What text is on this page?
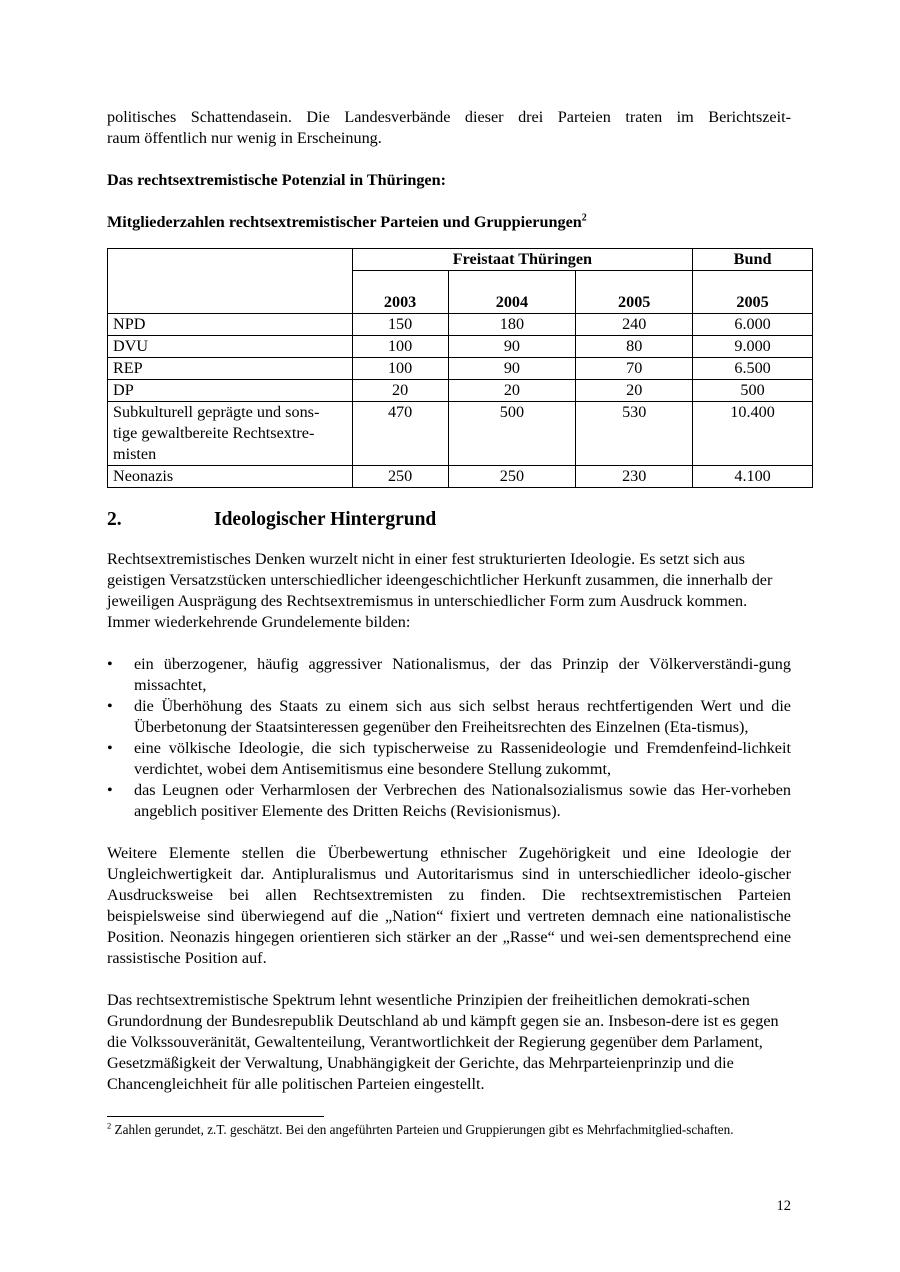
politisches Schattendasein. Die Landesverbände dieser drei Parteien traten im Berichtszeit-
raum öffentlich nur wenig in Erscheinung.

Das rechtsextremistische Potenzial in Thüringen:

Mitgliederzahlen rechtsextremistischer Parteien und Gruppierungen$^2$

	Freistaat Thüringen			Bund
	2003	2004	2005	2005
NPD	150	180	240	6.000
DVU	100	90	80	9.000
REP	100	90	70	6.500
DP	20	20	20	500

Subkulturell geprägte und sons-
tige gewaltbereite Rechtsextre-
misten	470	500	530	10.400
Neonazis	250	250	230	4.100
2.	Ideologischer Hintergrund

Rechtsextremistisches Denken wurzelt nicht in einer fest strukturierten Ideologie. Es setzt sich aus geistigen Versatzstücken unterschiedlicher ideengeschichtlicher Herkunft zusammen, die innerhalb der jeweiligen Ausprägung des Rechtsextremismus in unterschiedlicher Form zum Ausdruck kommen. Immer wiederkehrende Grundelemente bilden:

• ein überzogener, häufig aggressiver Nationalismus, der das Prinzip der Völkerverständi-gung missachtet,
• die Überhöhung des Staats zu einem sich aus sich selbst heraus rechtfertigenden Wert und die Überbetonung der Staatsinteressen gegenüber den Freiheitsrechten des Einzelnen (Eta-tismus),
• eine völkische Ideologie, die sich typischerweise zu Rassenideologie und Fremdenfeind-lichkeit verdichtet, wobei dem Antisemitismus eine besondere Stellung zukommt,
• das Leugnen oder Verharmlosen der Verbrechen des Nationalsozialismus sowie das Her-vorheben angeblich positiver Elemente des Dritten Reichs (Revisionismus).

Weitere Elemente stellen die Überbewertung ethnischer Zugehörigkeit und eine Ideologie der Ungleichwertigkeit dar. Antipluralismus und Autoritarismus sind in unterschiedlicher ideolo-gischer Ausdrucksweise bei allen Rechtsextremisten zu finden. Die rechtsextremistischen Parteien beispielsweise sind überwiegend auf die „Nation“ fixiert und vertreten demnach eine nationalistische Position. Neonazis hingegen orientieren sich stärker an der „Rasse“ und wei-sen dementsprechend eine rassistische Position auf.

Das rechtsextremistische Spektrum lehnt wesentliche Prinzipien der freiheitlichen demokrati-schen Grundordnung der Bundesrepublik Deutschland ab und kämpft gegen sie an. Insbeson-dere ist es gegen die Volkssouveränität, Gewaltenteilung, Verantwortlichkeit der Regierung gegenüber dem Parlament, Gesetzmäßigkeit der Verwaltung, Unabhängigkeit der Gerichte, das Mehrparteienprinzip und die Chancengleichheit für alle politischen Parteien eingestellt.

$^2$ Zahlen gerundet, z.T. geschätzt. Bei den angeführten Parteien und Gruppierungen gibt es Mehrfachmitglied-schaften.

12
